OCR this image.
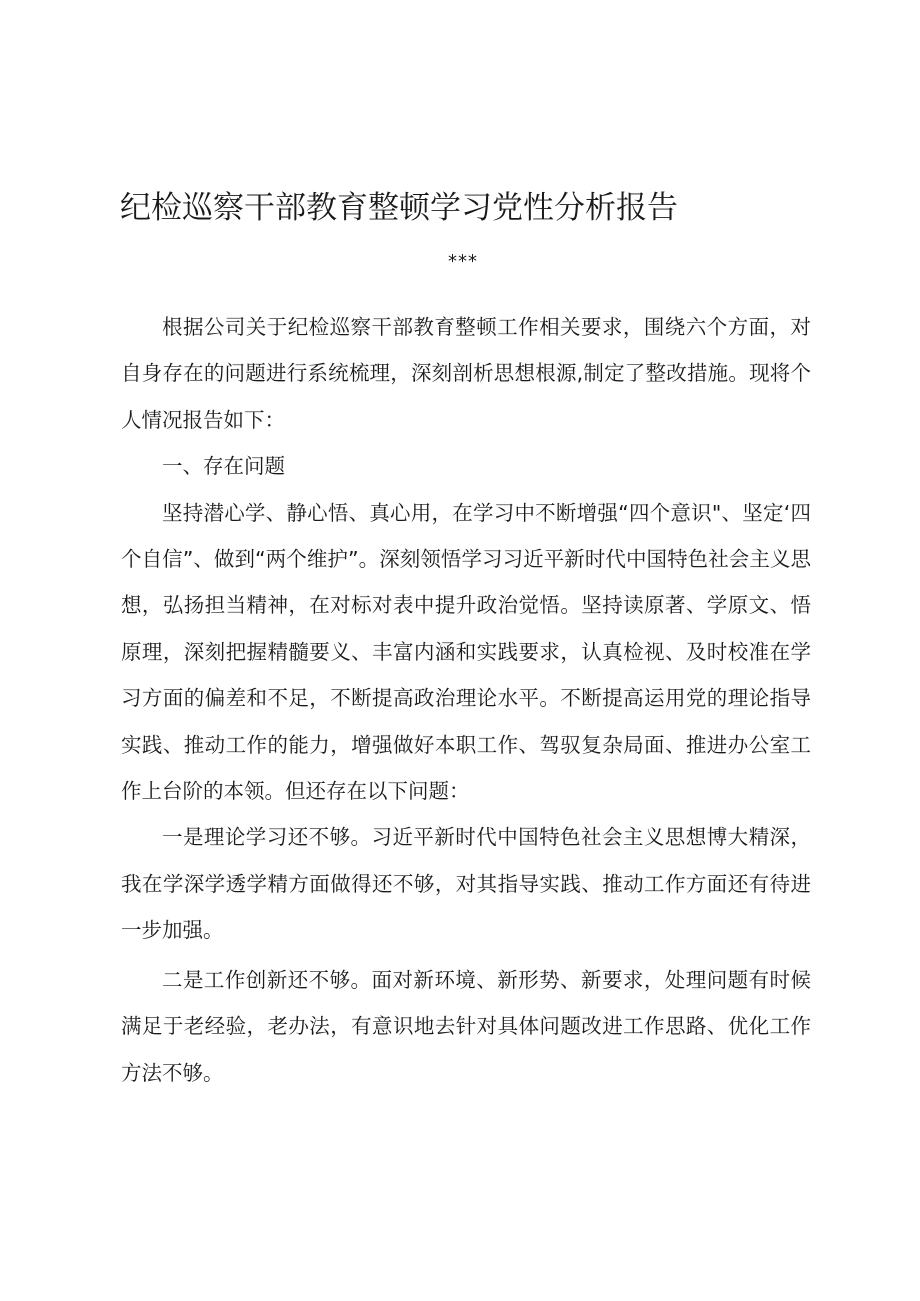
纪检巡察干部教育整顿学习党性分析报告
***

根据公司关于纪检巡察干部教育整顿工作相关要求，围绕六个方面，对自身存在的问题进行系统梳理，深刻剖析思想根源,制定了整改措施。现将个人情况报告如下：

一、存在问题

坚持潜心学、静心悟、真心用，在学习中不断增强“四个意识"、坚定‘四个自信”、做到“两个维护”。深刻领悟学习习近平新时代中国特色社会主义思想，弘扬担当精神，在对标对表中提升政治觉悟。坚持读原著、学原文、悟原理，深刻把握精髓要义、丰富内涵和实践要求，认真检视、及时校准在学习方面的偏差和不足，不断提高政治理论水平。不断提高运用党的理论指导实践、推动工作的能力，增强做好本职工作、驾驭复杂局面、推进办公室工作上台阶的本领。但还存在以下问题：

一是理论学习还不够。习近平新时代中国特色社会主义思想博大精深，我在学深学透学精方面做得还不够，对其指导实践、推动工作方面还有待进一步加强。

二是工作创新还不够。面对新环境、新形势、新要求，处理问题有时候满足于老经验，老办法，有意识地去针对具体问题改进工作思路、优化工作方法不够。
